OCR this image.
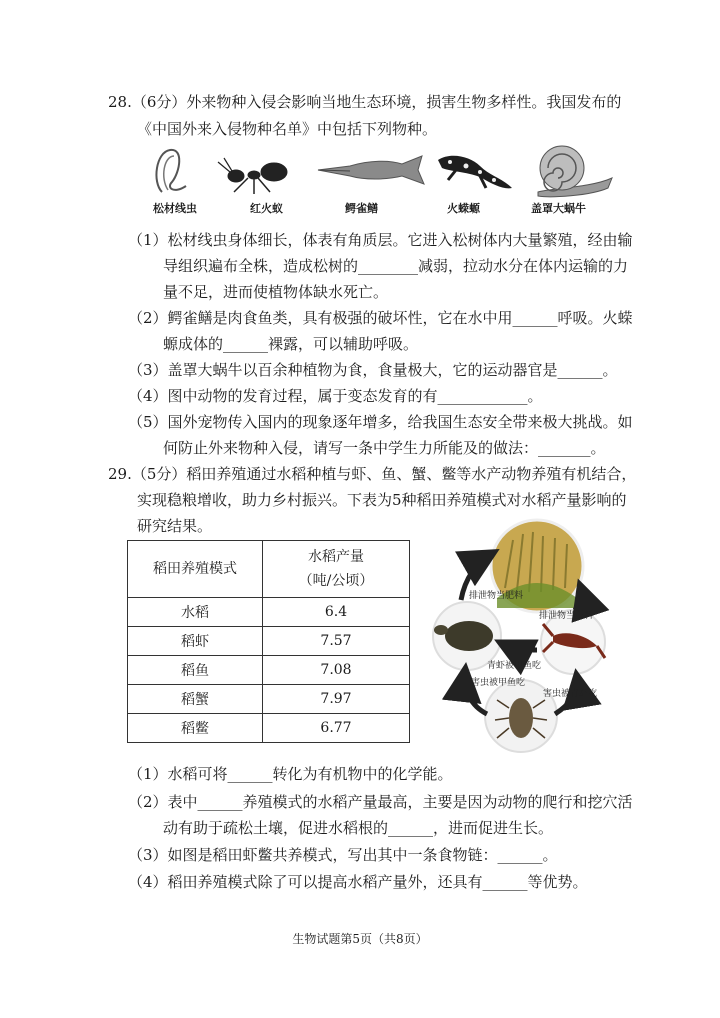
28.（6分）外来物种入侵会影响当地生态环境，损害生物多样性。我国发布的
《中国外来入侵物种名单》中包括下列物种。
松材线虫	红火蚁	鳄雀鳝	火蝾螈	盖罩大蜗牛
（1）松材线虫身体细长，体表有角质层。它进入松树体内大量繁殖，经由输
导组织遍布全株，造成松树的________减弱，拉动水分在体内运输的力
量不足，进而使植物体缺水死亡。
（2）鳄雀鳝是肉食鱼类，具有极强的破坏性，它在水中用______呼吸。火蝾
螈成体的______裸露，可以辅助呼吸。
（3）盖罩大蜗牛以百余种植物为食，食量极大，它的运动器官是______。
（4）图中动物的发育过程，属于变态发育的有____________。
（5）国外宠物传入国内的现象逐年增多，给我国生态安全带来极大挑战。如
何防止外来物种入侵，请写一条中学生力所能及的做法：_______。
29.（5分）稻田养殖通过水稻种植与虾、鱼、蟹、鳖等水产动物养殖有机结合，
实现稳粮增收，助力乡村振兴。下表为5种稻田养殖模式对水稻产量影响的
研究结果。
稻田养殖模式	水稻产量
（吨/公顷）

水稻	6.4
稻虾	7.57
稻鱼	7.08
稻蟹	7.97
稻鳖	6.77
排泄物当肥料
排泄物当肥料
青虾被甲鱼吃
害虫被甲鱼吃
害虫被青虾吃
（1）水稻可将______转化为有机物中的化学能。
（2）表中______养殖模式的水稻产量最高，主要是因为动物的爬行和挖穴活
动有助于疏松土壤，促进水稻根的______，进而促进生长。
（3）如图是稻田虾鳖共养模式，写出其中一条食物链：______。
（4）稻田养殖模式除了可以提高水稻产量外，还具有______等优势。
生物试题第5页（共8页）
